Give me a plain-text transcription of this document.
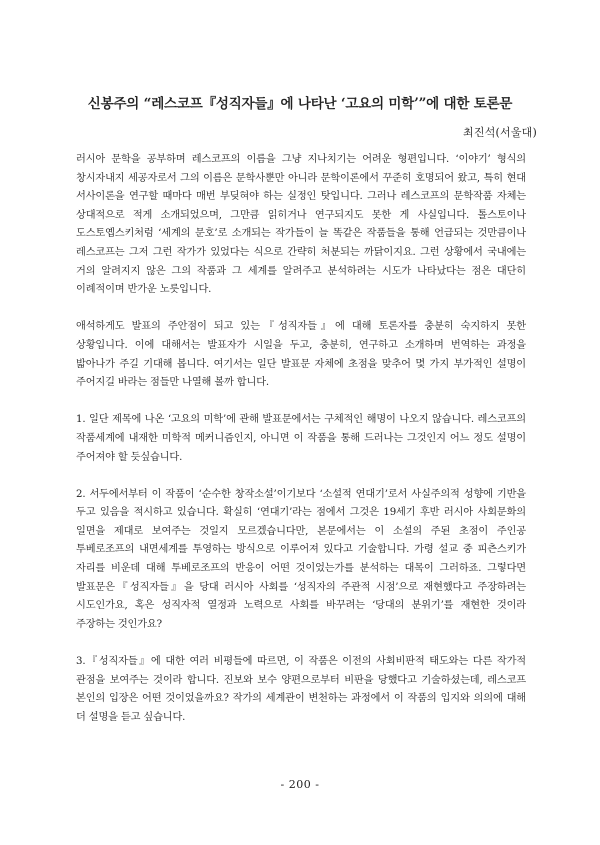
신봉주의 “레스코프『성직자들』에 나타난 ‘고요의 미학’”에 대한 토론문
최진석(서울대)

러시아 문학을 공부하며 레스코프의 이름을 그냥 지나치기는 어려운 형편입니다. ‘이야기’ 형식의 창시자내지 세공자로서 그의 이름은 문학사뿐만 아니라 문학이론에서 꾸준히 호명되어 왔고, 특히 현대 서사이론을 연구할 때마다 매번 부딪혀야 하는 실정인 탓입니다. 그러나 레스코프의 문학작품 자체는 상대적으로 적게 소개되었으며, 그만큼 읽히거나 연구되지도 못한 게 사실입니다. 톨스토이나 도스토옙스키처럼 ‘세계의 문호’로 소개되는 작가들이 늘 똑같은 작품들을 통해 언급되는 것만큼이나 레스코프는 그저 그런 작가가 있었다는 식으로 간략히 처분되는 까닭이지요. 그런 상황에서 국내에는 거의 알려지지 않은 그의 작품과 그 세계를 알려주고 분석하려는 시도가 나타났다는 점은 대단히 이례적이며 반가운 노릇입니다.

애석하게도 발표의 주안점이 되고 있는『성직자들』에 대해 토론자를 충분히 숙지하지 못한 상황입니다. 이에 대해서는 발표자가 시일을 두고, 충분히, 연구하고 소개하며 번역하는 과정을 밟아나가 주길 기대해 봅니다. 여기서는 일단 발표문 자체에 초점을 맞추어 몇 가지 부가적인 설명이 주어지길 바라는 점들만 나열해 볼까 합니다.

1. 일단 제목에 나온 ‘고요의 미학’에 관해 발표문에서는 구체적인 해명이 나오지 않습니다. 레스코프의 작품세계에 내재한 미학적 메커니즘인지, 아니면 이 작품을 통해 드러나는 그것인지 어느 정도 설명이 주어져야 할 듯싶습니다.

2. 서두에서부터 이 작품이 ‘순수한 창작소설’이기보다 ‘소설적 연대기’로서 사실주의적 성향에 기반을 두고 있음을 적시하고 있습니다. 확실히 ‘연대기’라는 점에서 그것은 19세기 후반 러시아 사회문화의 일면을 제대로 보여주는 것일지 모르겠습니다만, 본문에서는 이 소설의 주된 초점이 주인공 투베로조프의 내면세계를 투영하는 방식으로 이루어져 있다고 기술합니다. 가령 설교 중 피츤스키가 자리를 비운데 대해 투베로조프의 반응이 어떤 것이었는가를 분석하는 대목이 그러하죠. 그렇다면 발표문은『성직자들』을 당대 러시아 사회를 ‘성직자의 주관적 시점’으로 재현했다고 주장하려는 시도인가요, 혹은 성직자적 열정과 노력으로 사회를 바꾸려는 ‘당대의 분위기’를 재현한 것이라 주장하는 것인가요?

3.『성직자들』에 대한 여러 비평들에 따르면, 이 작품은 이전의 사회비판적 태도와는 다른 작가적 관점을 보여주는 것이라 합니다. 진보와 보수 양편으로부터 비판을 당했다고 기술하셨는데, 레스코프 본인의 입장은 어떤 것이었을까요? 작가의 세계관이 변천하는 과정에서 이 작품의 입지와 의의에 대해 더 설명을 듣고 싶습니다.

- 200 -
